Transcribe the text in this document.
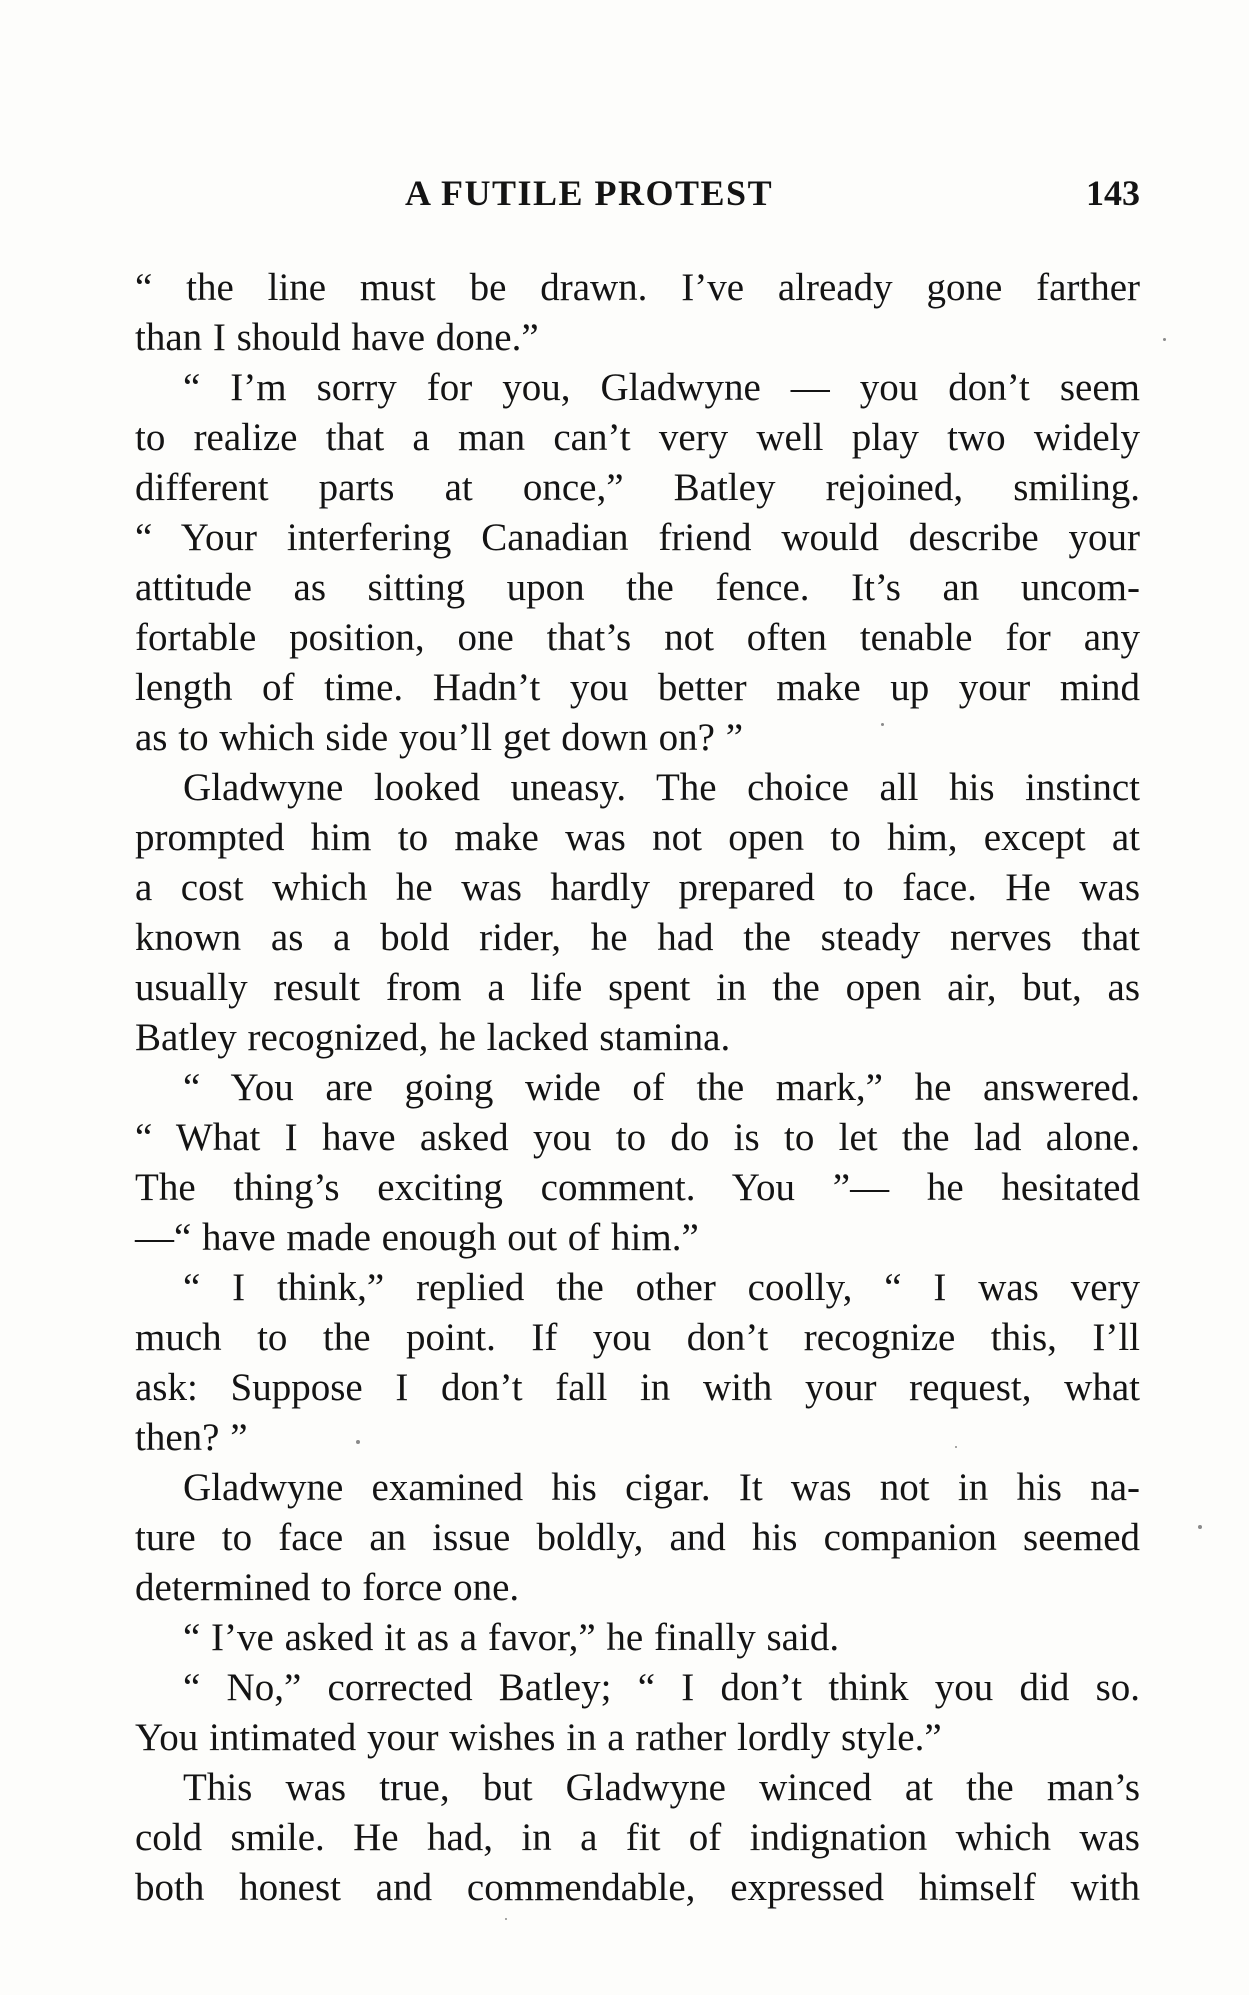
A FUTILE PROTEST	143
“ the line must be drawn. I’ve already gone farther
than I should have done.”
“ I’m sorry for you, Gladwyne — you don’t seem
to realize that a man can’t very well play two widely
different parts at once,” Batley rejoined, smiling.
“ Your interfering Canadian friend would describe your
attitude as sitting upon the fence. It’s an uncom-
fortable position, one that’s not often tenable for any
length of time. Hadn’t you better make up your mind
as to which side you’ll get down on? ”
Gladwyne looked uneasy. The choice all his instinct
prompted him to make was not open to him, except at
a cost which he was hardly prepared to face. He was
known as a bold rider, he had the steady nerves that
usually result from a life spent in the open air, but, as
Batley recognized, he lacked stamina.
“ You are going wide of the mark,” he answered.
“ What I have asked you to do is to let the lad alone.
The thing’s exciting comment. You ”— he hesitated
—“ have made enough out of him.”
“ I think,” replied the other coolly, “ I was very
much to the point. If you don’t recognize this, I’ll
ask: Suppose I don’t fall in with your request, what
then? ”
Gladwyne examined his cigar. It was not in his na-
ture to face an issue boldly, and his companion seemed
determined to force one.
“ I’ve asked it as a favor,” he finally said.
“ No,” corrected Batley; “ I don’t think you did so.
You intimated your wishes in a rather lordly style.”
This was true, but Gladwyne winced at the man’s
cold smile. He had, in a fit of indignation which was
both honest and commendable, expressed himself with
